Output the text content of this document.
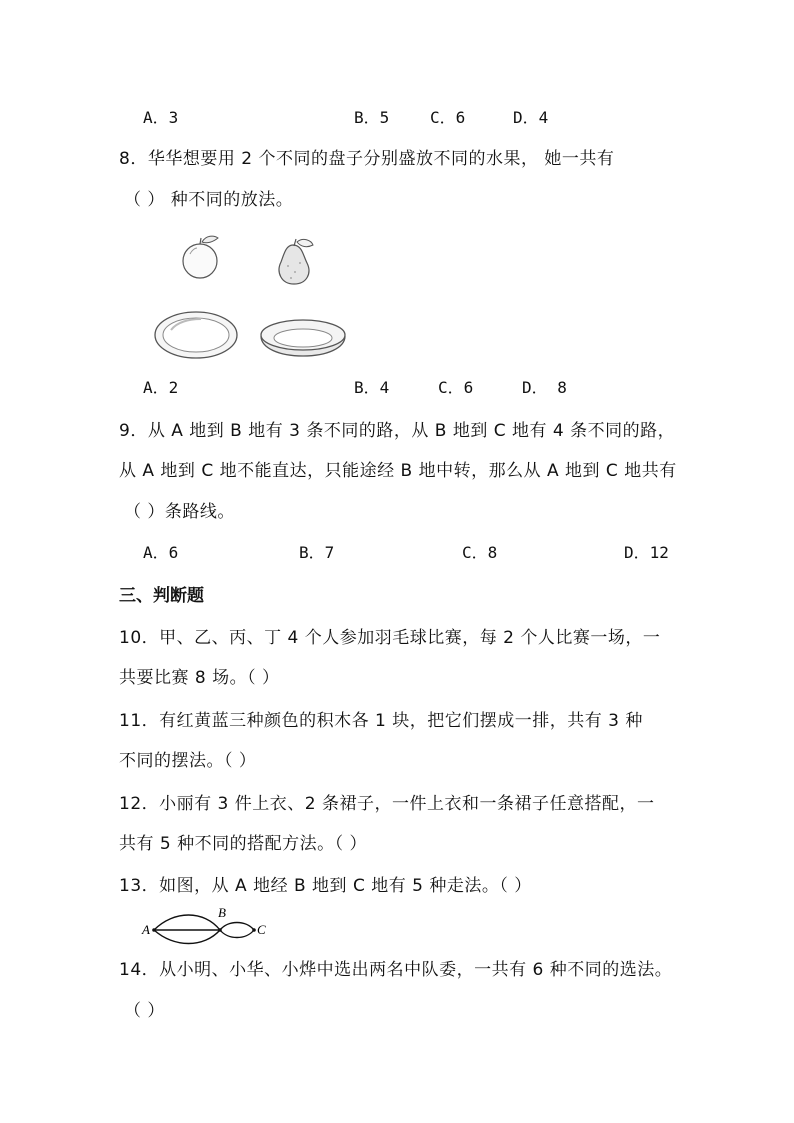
A．3	B．5	C．6	D．4
8．华华想要用 2 个不同的盘子分别盛放不同的水果， 她一共有
（ ） 种不同的放法。
A．2	B．4	C．6	D． 8
9．从 A 地到 B 地有 3 条不同的路，从 B 地到 C 地有 4 条不同的路，
从 A 地到 C 地不能直达，只能途经 B 地中转，那么从 A 地到 C 地共有
（ ）条路线。
A．6	B．7	C．8	D．12
三、判断题
10．甲、乙、丙、丁 4 个人参加羽毛球比赛，每 2 个人比赛一场，一
共要比赛 8 场。（ ）
11．有红黄蓝三种颜色的积木各 1 块，把它们摆成一排，共有 3 种
不同的摆法。（ ）
12．小丽有 3 件上衣、2 条裙子，一件上衣和一条裙子任意搭配，一
共有 5 种不同的搭配方法。（ ）
13．如图，从 A 地经 B 地到 C 地有 5 种走法。（ ）
A
B
C
14．从小明、小华、小烨中选出两名中队委，一共有 6 种不同的选法。
（ ）
